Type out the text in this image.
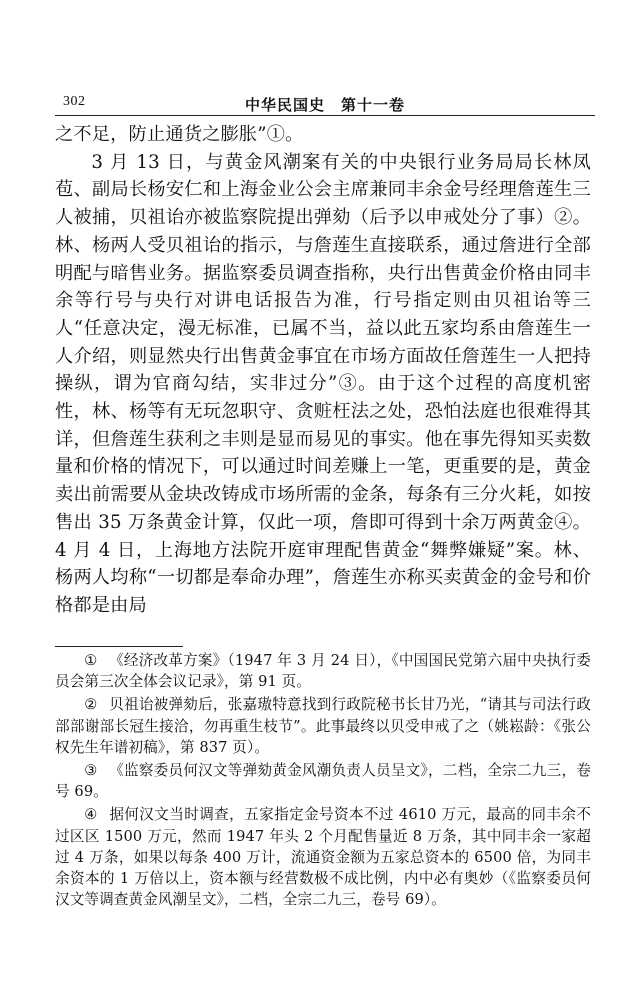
302	中华民国史　第十一卷

之不足，防止通货之膨胀”①。

3 月 13 日，与黄金风潮案有关的中央银行业务局局长林凤苞、副局长杨安仁和上海金业公会主席兼同丰余金号经理詹莲生三人被捕，贝祖诒亦被监察院提出弹劾（后予以申戒处分了事）②。林、杨两人受贝祖诒的指示，与詹莲生直接联系，通过詹进行全部明配与暗售业务。据监察委员调查指称，央行出售黄金价格由同丰余等行号与央行对讲电话报告为准，行号指定则由贝祖诒等三人“任意决定，漫无标准，已属不当，益以此五家均系由詹莲生一人介绍，则显然央行出售黄金事宜在市场方面故任詹莲生一人把持操纵，谓为官商勾结，实非过分”③。由于这个过程的高度机密性，林、杨等有无玩忽职守、贪赃枉法之处，恐怕法庭也很难得其详，但詹莲生获利之丰则是显而易见的事实。他在事先得知买卖数量和价格的情况下，可以通过时间差赚上一笔，更重要的是，黄金卖出前需要从金块改铸成市场所需的金条，每条有三分火耗，如按售出 35 万条黄金计算，仅此一项，詹即可得到十余万两黄金④。4 月 4 日，上海地方法院开庭审理配售黄金“舞弊嫌疑”案。林、杨两人均称“一切都是奉命办理”，詹莲生亦称买卖黄金的金号和价格都是由局

① 《经济改革方案》（1947 年 3 月 24 日），《中国国民党第六届中央执行委员会第三次全体会议记录》，第 91 页。

② 贝祖诒被弹劾后，张嘉璈特意找到行政院秘书长甘乃光，“请其与司法行政部部谢部长冠生接洽，勿再重生枝节”。此事最终以贝受申戒了之（姚崧龄：《张公权先生年谱初稿》，第 837 页）。

③ 《监察委员何汉文等弹劾黄金风潮负责人员呈文》，二档，全宗二九三，卷号 69。

④ 据何汉文当时调查，五家指定金号资本不过 4610 万元，最高的同丰余不过区区 1500 万元，然而 1947 年头 2 个月配售量近 8 万条，其中同丰余一家超过 4 万条，如果以每条 400 万计，流通资金额为五家总资本的 6500 倍，为同丰余资本的 1 万倍以上，资本额与经营数极不成比例，内中必有奥妙（《监察委员何汉文等调查黄金风潮呈文》，二档，全宗二九三，卷号 69）。
